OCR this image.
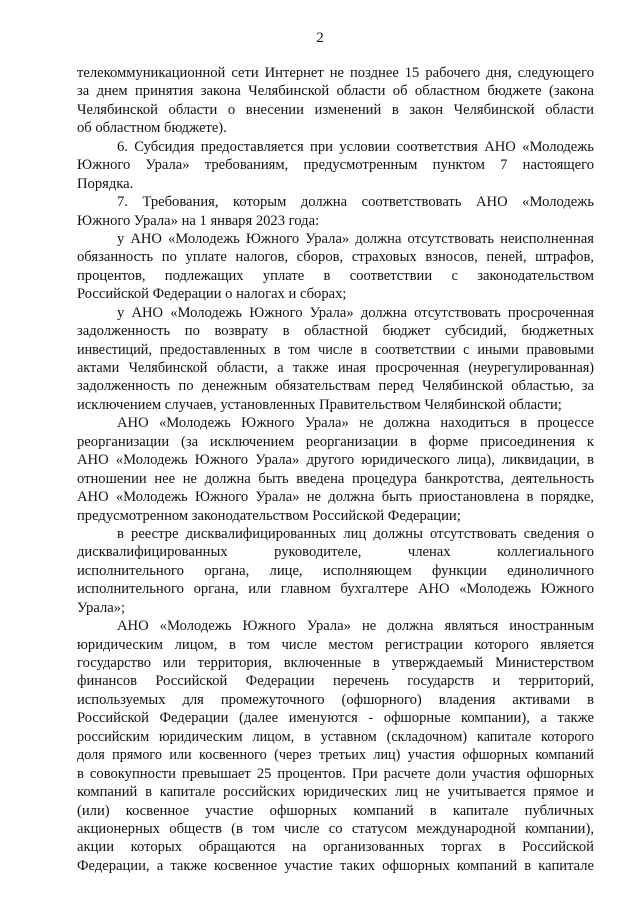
2
телекоммуникационной сети Интернет не позднее 15 рабочего дня, следующего
за днем принятия закона Челябинской области об областном бюджете (закона
Челябинской области о внесении изменений в закон Челябинской области
об областном бюджете).
6. Субсидия предоставляется при условии соответствия АНО «Молодежь
Южного Урала» требованиям, предусмотренным пунктом 7 настоящего
Порядка.
7. Требования, которым должна соответствовать АНО «Молодежь
Южного Урала» на 1 января 2023 года:
у АНО «Молодежь Южного Урала» должна отсутствовать неисполненная
обязанность по уплате налогов, сборов, страховых взносов, пеней, штрафов,
процентов, подлежащих уплате в соответствии с законодательством
Российской Федерации о налогах и сборах;
у АНО «Молодежь Южного Урала» должна отсутствовать просроченная
задолженность по возврату в областной бюджет субсидий, бюджетных
инвестиций, предоставленных в том числе в соответствии с иными правовыми
актами Челябинской области, а также иная просроченная (неурегулированная)
задолженность по денежным обязательствам перед Челябинской областью, за
исключением случаев, установленных Правительством Челябинской области;
АНО «Молодежь Южного Урала» не должна находиться в процессе
реорганизации (за исключением реорганизации в форме присоединения к
АНО «Молодежь Южного Урала» другого юридического лица), ликвидации, в
отношении нее не должна быть введена процедура банкротства, деятельность
АНО «Молодежь Южного Урала» не должна быть приостановлена в порядке,
предусмотренном законодательством Российской Федерации;
в реестре дисквалифицированных лиц должны отсутствовать сведения о
дисквалифицированных руководителе, членах коллегиального
исполнительного органа, лице, исполняющем функции единоличного
исполнительного органа, или главном бухгалтере АНО «Молодежь Южного
Урала»;
АНО «Молодежь Южного Урала» не должна являться иностранным
юридическим лицом, в том числе местом регистрации которого является
государство или территория, включенные в утверждаемый Министерством
финансов Российской Федерации перечень государств и территорий,
используемых для промежуточного (офшорного) владения активами в
Российской Федерации (далее именуются - офшорные компании), а также
российским юридическим лицом, в уставном (складочном) капитале которого
доля прямого или косвенного (через третьих лиц) участия офшорных компаний
в совокупности превышает 25 процентов. При расчете доли участия офшорных
компаний в капитале российских юридических лиц не учитывается прямое и
(или) косвенное участие офшорных компаний в капитале публичных
акционерных обществ (в том числе со статусом международной компании),
акции которых обращаются на организованных торгах в Российской
Федерации, а также косвенное участие таких офшорных компаний в капитале
